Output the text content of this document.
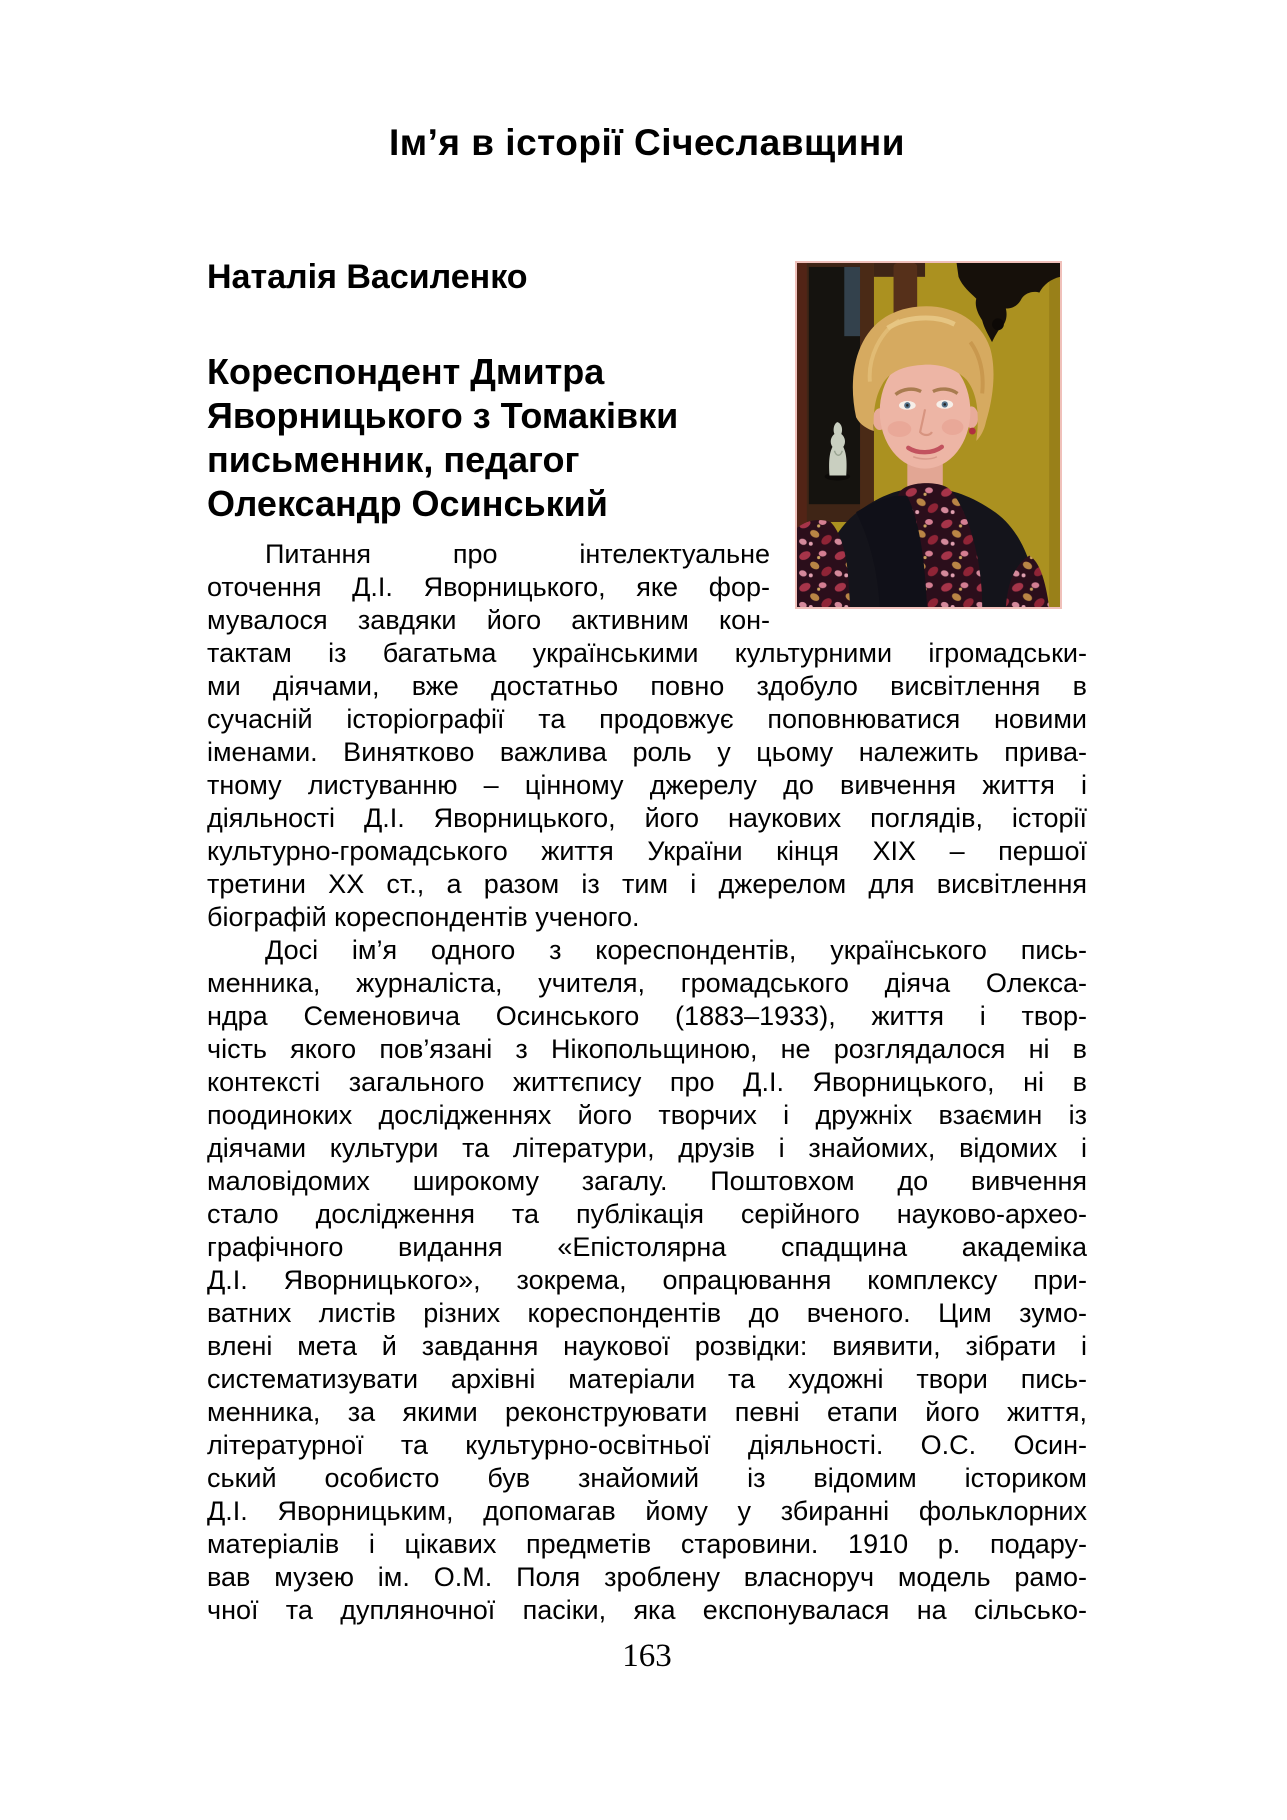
Ім’я в історії Січеславщини
Наталія Василенко
Кореспондент Дмитра
Яворницького з Томаківки
письменник, педагог
Олександр Осинський
Питання про інтелектуальне
оточення Д.І. Яворницького, яке фор-
мувалося завдяки його активним кон-
тактам із багатьма українськими культурними ігромадськи-
ми діячами, вже достатньо повно здобуло висвітлення в
сучасній історіографії та продовжує поповнюватися новими
іменами. Винятково важлива роль у цьому належить прива-
тному листуванню – цінному джерелу до вивчення життя і
діяльності Д.І. Яворницького, його наукових поглядів, історії
культурно-громадського життя України кінця XIX – першої
третини XX ст., а разом із тим і джерелом для висвітлення
біографій кореспондентів ученого.
Досі ім’я одного з кореспондентів, українського пись-
менника, журналіста, учителя, громадського діяча Олекса-
ндра Семеновича Осинського (1883–1933), життя і твор-
чість якого пов’язані з Нікопольщиною, не розглядалося ні в
контексті загального життєпису про Д.І. Яворницького, ні в
поодиноких дослідженнях його творчих і дружніх взаємин із
діячами культури та літератури, друзів і знайомих, відомих і
маловідомих широкому загалу. Поштовхом до вивчення
стало дослідження та публікація серійного науково-архео-
графічного видання «Епістолярна спадщина академіка
Д.І. Яворницького», зокрема, опрацювання комплексу при-
ватних листів різних кореспондентів до вченого. Цим зумо-
влені мета й завдання наукової розвідки: виявити, зібрати і
систематизувати архівні матеріали та художні твори пись-
менника, за якими реконструювати певні етапи його життя,
літературної та культурно-освітньої діяльності. О.С. Осин-
ський особисто був знайомий із відомим істориком
Д.І. Яворницьким, допомагав йому у збиранні фольклорних
матеріалів і цікавих предметів старовини. 1910 р. подару-
вав музею ім. О.М. Поля зроблену власноруч модель рамо-
чної та дупляночної пасіки, яка експонувалася на сільсько-
163
